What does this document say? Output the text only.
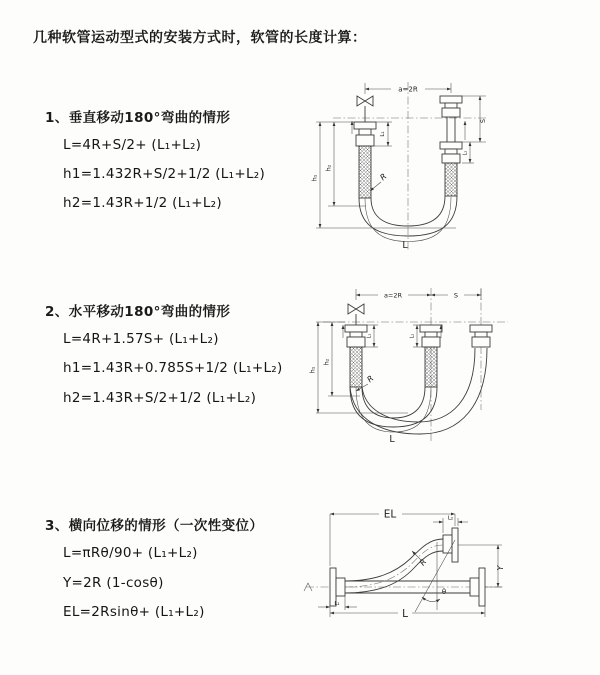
几种软管运动型式的安装方式时，软管的长度计算：
1、垂直移动180°弯曲的情形
L=4R+S/2+ (L₁+L₂)
h1=1.432R+S/2+1/2 (L₁+L₂)
h2=1.43R+1/2 (L₁+L₂)
2、水平移动180°弯曲的情形
L=4R+1.57S+ (L₁+L₂)
h1=1.43R+0.785S+1/2 (L₁+L₂)
h2=1.43R+S/2+1/2 (L₁+L₂)
3、横向位移的情形（一次性变位）
L=πRθ/90+ (L₁+L₂)
Y=2R (1-cosθ)
EL=2Rsinθ+ (L₁+L₂)
a=2R
L₁
S
L₂
R
h₁
h₂
L
a=2R	S
L₁	L₂
R
h₁
h₂
L
EL	L₂
Y
R
θ
L
L₁
